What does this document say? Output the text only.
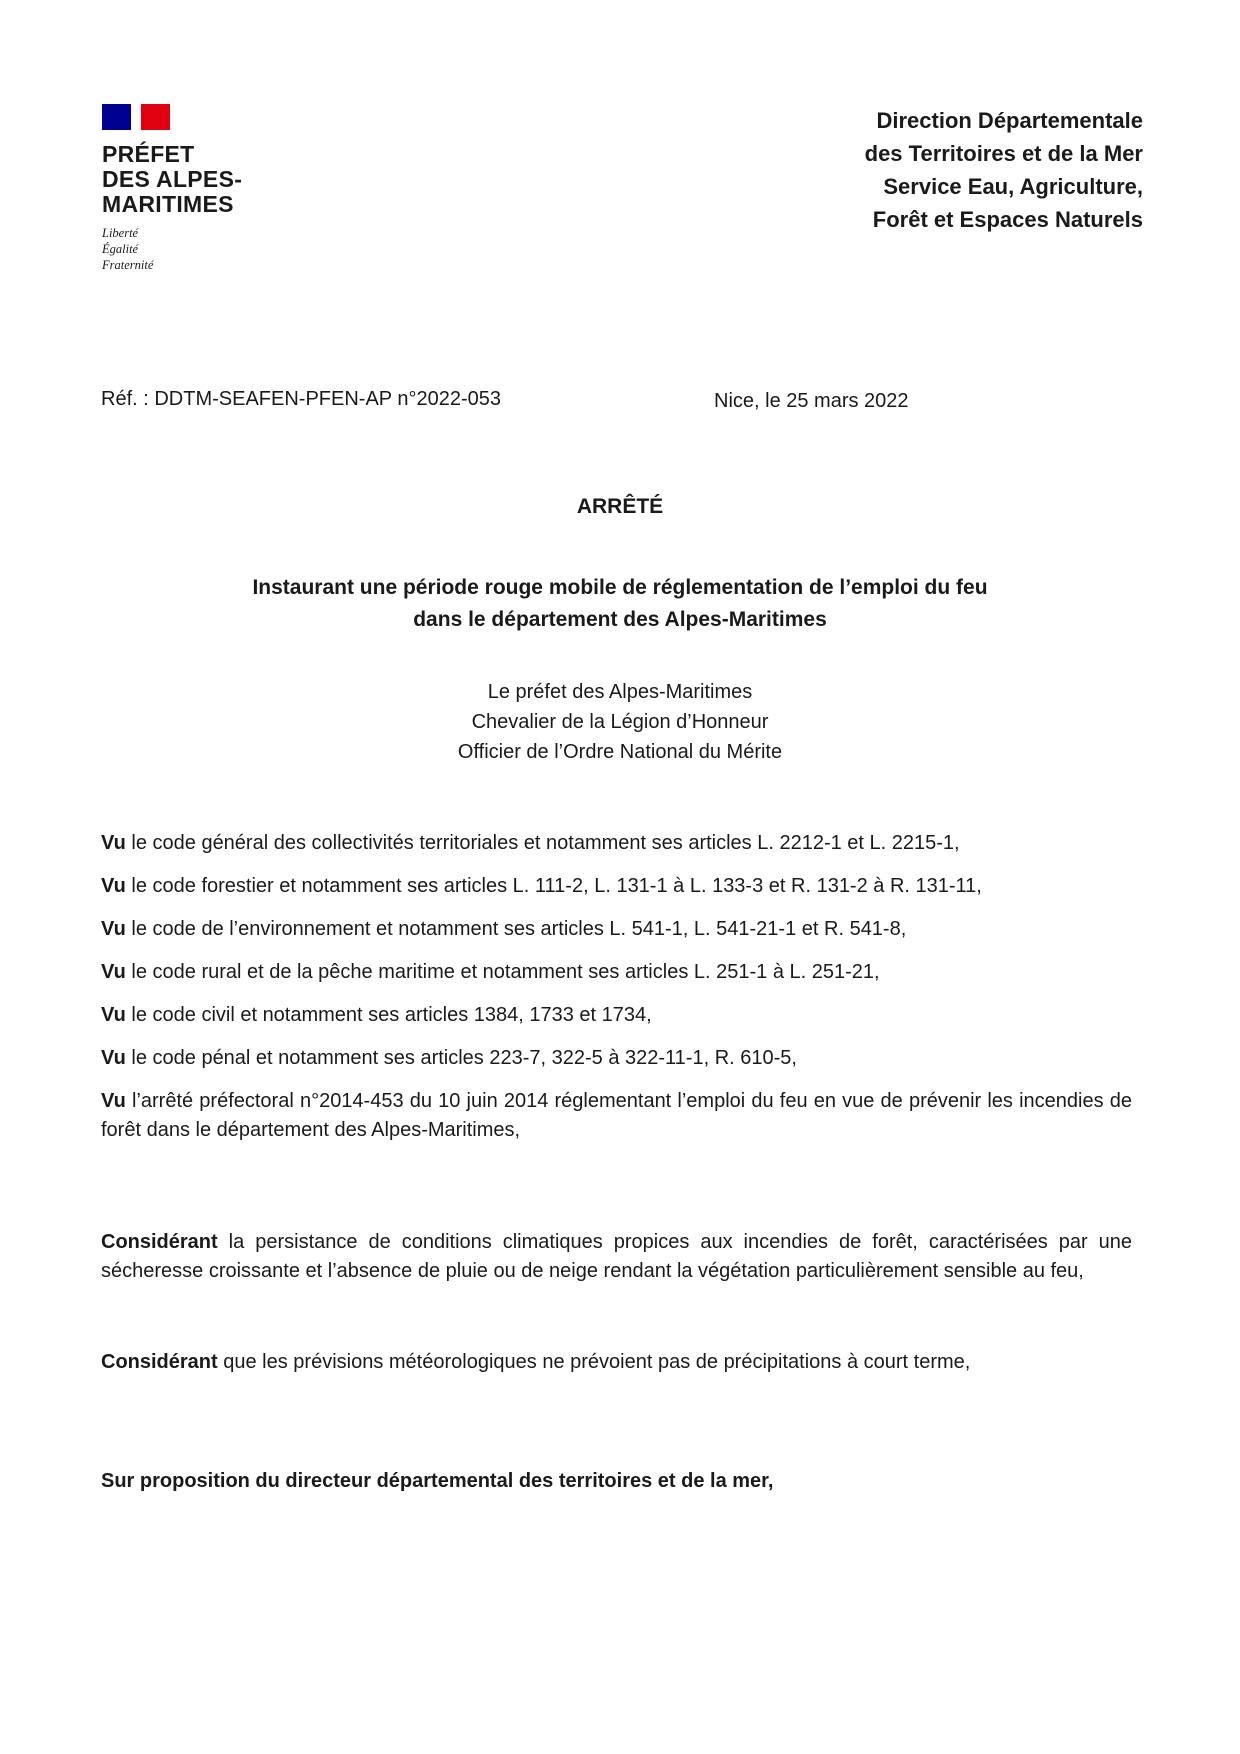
PRÉFET
DES ALPES-
MARITIMES
Liberté
Égalité
Fraternité
Direction Départementale
des Territoires et de la Mer
Service Eau, Agriculture,
Forêt et Espaces Naturels
Réf. : DDTM-SEAFEN-PFEN-AP n°2022-053	Nice, le 25 mars 2022
ARRÊTÉ
Instaurant une période rouge mobile de réglementation de l’emploi du feu
dans le département des Alpes-Maritimes
Le préfet des Alpes-Maritimes
Chevalier de la Légion d’Honneur
Officier de l’Ordre National du Mérite
Vu le code général des collectivités territoriales et notamment ses articles L. 2212-1 et L. 2215-1,
Vu le code forestier et notamment ses articles L. 111-2, L. 131-1 à L. 133-3 et R. 131-2 à R. 131-11,
Vu le code de l’environnement et notamment ses articles L. 541-1, L. 541-21-1 et R. 541-8,
Vu le code rural et de la pêche maritime et notamment ses articles L. 251-1 à L. 251-21,
Vu le code civil et notamment ses articles 1384, 1733 et 1734,
Vu le code pénal et notamment ses articles 223-7, 322-5 à 322-11-1, R. 610-5,
Vu l’arrêté préfectoral n°2014-453 du 10 juin 2014 réglementant l’emploi du feu en vue de prévenir les incendies de forêt dans le département des Alpes-Maritimes,
Considérant la persistance de conditions climatiques propices aux incendies de forêt, caractérisées par une sécheresse croissante et l’absence de pluie ou de neige rendant la végétation particulièrement sensible au feu,
Considérant que les prévisions météorologiques ne prévoient pas de précipitations à court terme,
Sur proposition du directeur départemental des territoires et de la mer,
